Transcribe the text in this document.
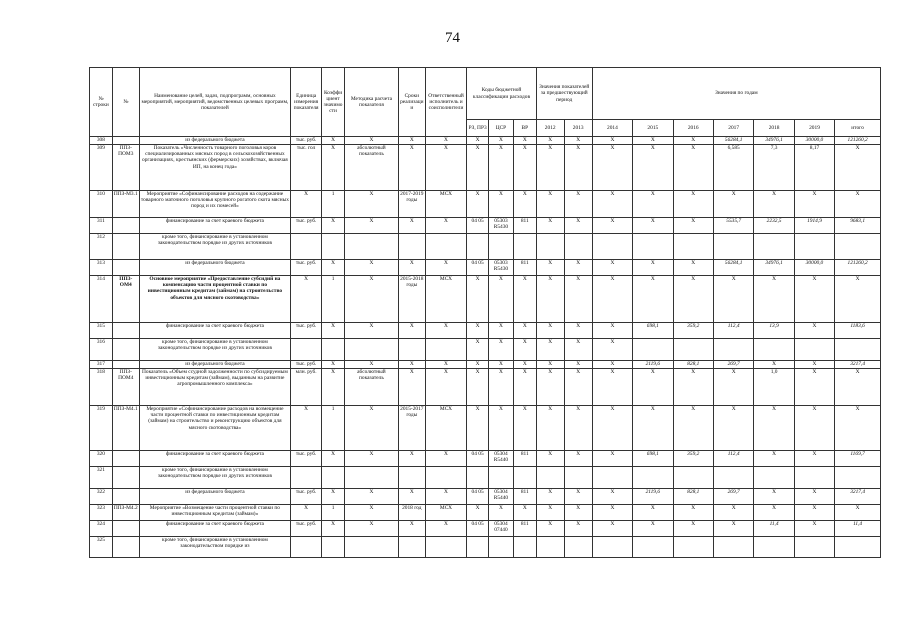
74
№ строки	№	Наименование целей, задач, подпрограмм, основных мероприятий, мероприятий, ведомственных целевых программ, показателей	Единица измерения показателя	Коэффициент значимости	Методика расчета показателя	Сроки реализации	Ответственный исполнитель и соисполнители	Коды бюджетной классификации расходов			Значения показателей за предшествующий период		Значения по годам						
								РЗ, ПР3	ЦСР	ВР	2012	2013	2014	2015	2016	2017	2018	2019	итого
308		из федерального бюджета	тыс. руб.	Х	Х	Х	Х	Х	Х	Х	Х	Х	Х	Х	Х	56284,1	34976,1	30000,0	121260,2
309	ППЗ-ПОМ3	Показатель «Численность товарного поголовья коров специализированных мясных пород в сельскохозяйственных организациях, крестьянских (фермерских) хозяйствах, включая ИП, на конец года»	тыс. гол	Х	абсолютный показатель	Х	Х	Х	Х	Х	Х	Х	Х	Х	Х	6,585	7,3	8,17	Х
310	ППЗ-М3.1	Мероприятие «Софинансирование расходов на содержание товарного маточного поголовья крупного рогатого скота мясных пород и их помесей»	Х	1	Х	2017-2019 годы	МСХ	Х	Х	Х	Х	Х	Х	Х	Х	Х	Х	Х	Х
311		финансирование за счет краевого бюджета	тыс. руб.	Х	Х	Х	Х	04 05	05303 R5430	811	Х	Х	Х	Х	Х	5535,7	2232,5	1914,9	9683,1
312		кроме того, финансирование в установленном законодательством порядке из других источников																	
313		из федерального бюджета	тыс. руб.	Х	Х	Х	Х	04 05	05303 R5430	811	Х	Х	Х	Х	Х	56284,1	34976,1	30000,0	121260,2
314	ППЗ-ОМ4	Основное мероприятие «Предоставление субсидий на компенсацию части процентной ставки по инвестиционным кредитам (займам) на строительство объектов для мясного скотоводства»	Х	1	Х	2015-2018 годы	МСХ	Х	Х	Х	Х	Х	Х	Х	Х	Х	Х	Х	Х
315		финансирование за счет краевого бюджета	тыс. руб.	Х	Х	Х	Х	Х	Х	Х	Х	Х	Х	698,1	359,2	112,4	13,9	Х	1183,6
316		кроме того, финансирование в установленном законодательством порядке из других источников						Х	Х	Х	Х	Х	Х						
317		из федерального бюджета	тыс. руб.	Х	Х	Х	Х	Х	Х	Х	Х	Х	Х	2119,6	828,1	269,7	Х	Х	3217,4
318	ППЗ-ПОМ4	Показатель «Объем ссудной задолженности по субсидируемым инвестиционным кредитам (займам), выданным на развитие агропромышленного комплекса»	млн. руб.	Х	абсолютный показатель	Х	Х	Х	Х	Х	Х	Х	Х	Х	Х	Х	1,0	Х	Х
319	ППЗ-М4.1	Мероприятие «Софинансирование расходов на возмещение части процентной ставки по инвестиционным кредитам (займам) на строительство и реконструкцию объектов для мясного скотоводства»	Х	1	Х	2015-2017 годы	МСХ	Х	Х	Х	Х	Х	Х	Х	Х	Х	Х	Х	Х
320		финансирование за счет краевого бюджета	тыс. руб.	Х	Х	Х	Х	04 05	05304 R5440	811	Х	Х	Х	698,1	359,2	112,4	Х	Х	1169,7
321		кроме того, финансирование в установленном законодательством порядке из других источников																	
322		из федерального бюджета	тыс. руб.	Х	Х	Х	Х	04 05	05304 R5440	811	Х	Х	Х	2119,6	828,1	269,7	Х	Х	3217,4
323	ППЗ-М4.2	Мероприятие «Возмещение части процентной ставки по инвестиционным кредитам (займам)»	Х	1	Х	2018 год	МСХ	Х	Х	Х	Х	Х	Х	Х	Х	Х	Х	Х	Х
324		финансирование за счет краевого бюджета	тыс. руб.	Х	Х	Х	Х	04 05	05304 07440	811	Х	Х	Х	Х	Х	Х	11,4	Х	11,4
325		кроме того, финансирование в установленном законодательством порядке из																	
